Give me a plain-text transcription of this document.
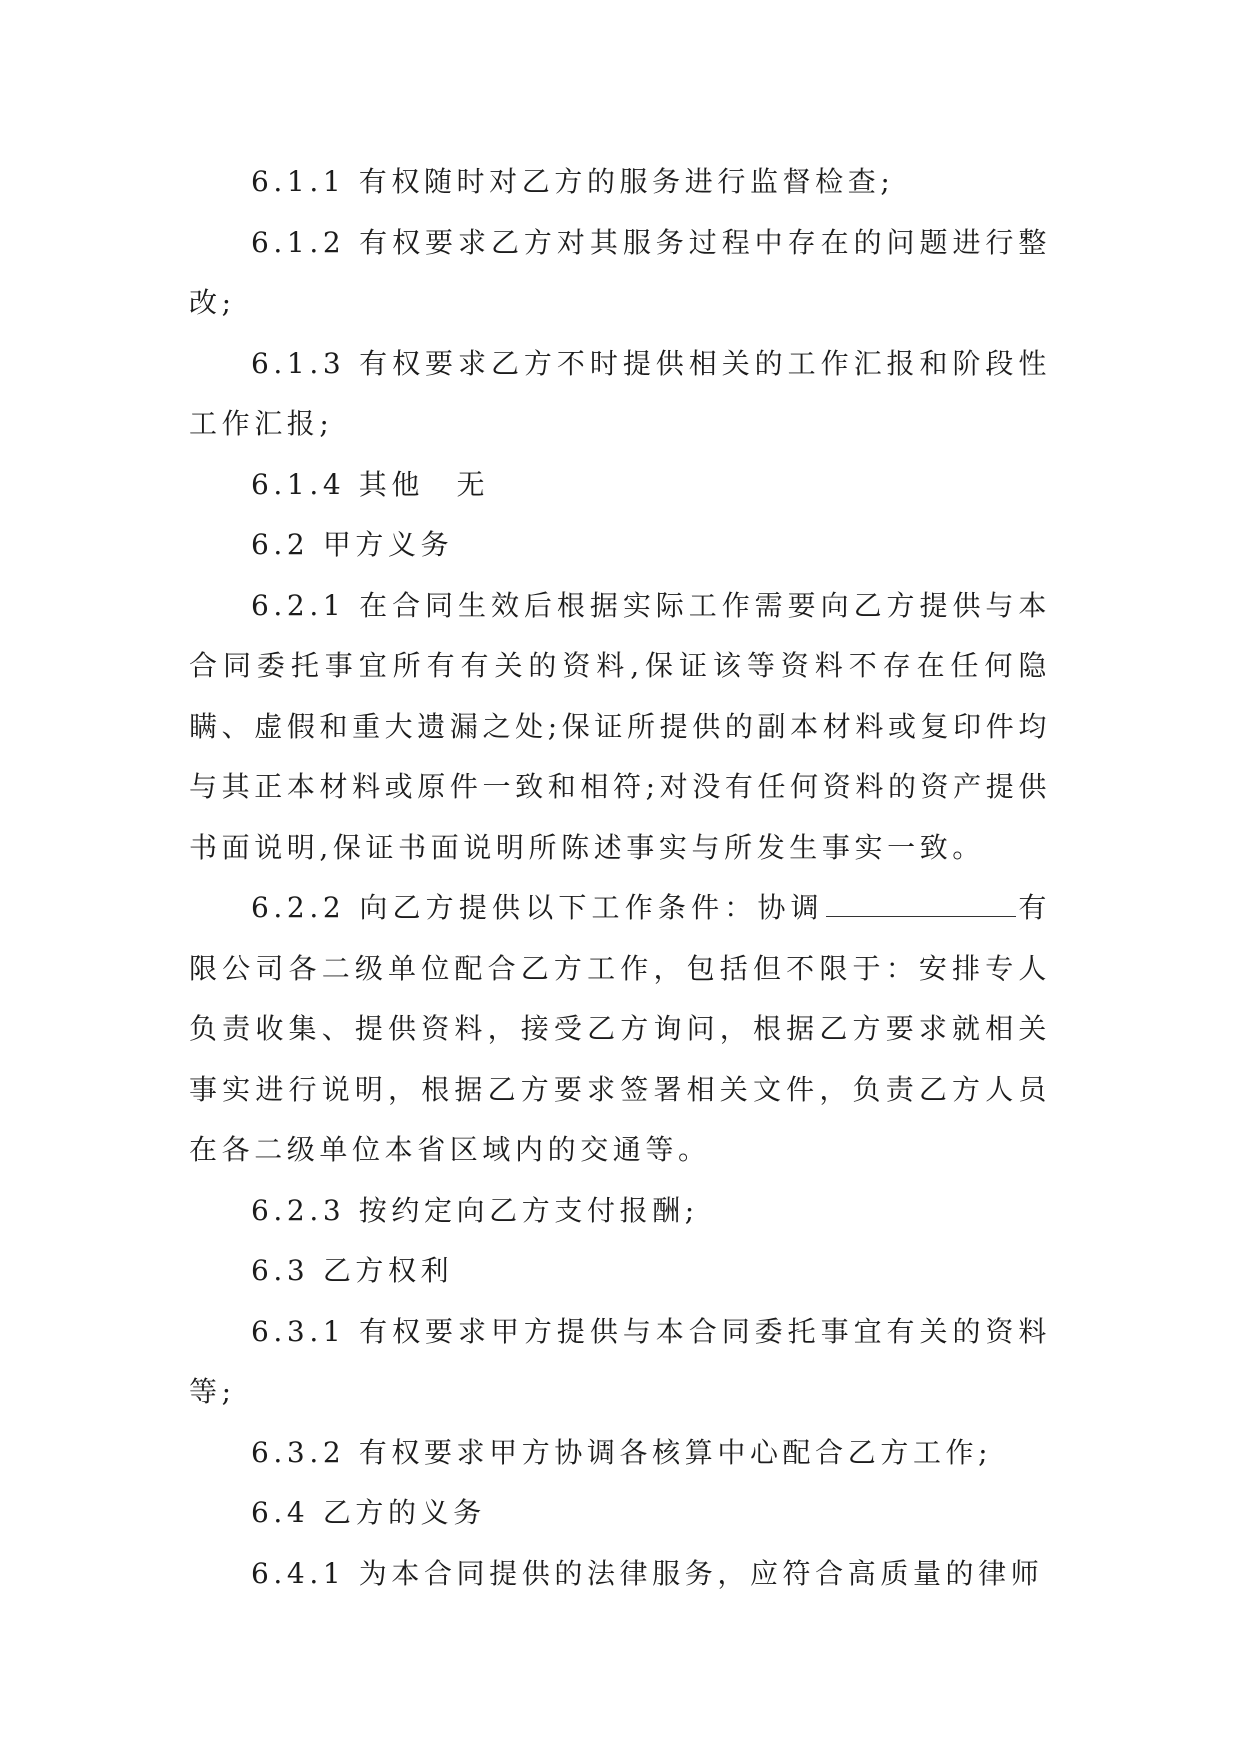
6.1.1 有权随时对乙方的服务进行监督检查;

6.1.2 有权要求乙方对其服务过程中存在的问题进行整改;

6.1.3 有权要求乙方不时提供相关的工作汇报和阶段性工作汇报;

6.1.4 其他　无

6.2 甲方义务

6.2.1 在合同生效后根据实际工作需要向乙方提供与本合同委托事宜所有有关的资料,保证该等资料不存在任何隐瞒、虚假和重大遗漏之处;保证所提供的副本材料或复印件均与其正本材料或原件一致和相符;对没有任何资料的资产提供书面说明,保证书面说明所陈述事实与所发生事实一致。

6.2.2 向乙方提供以下工作条件：协调	有限公司各二级单位配合乙方工作，包括但不限于：安排专人负责收集、提供资料，接受乙方询问，根据乙方要求就相关事实进行说明，根据乙方要求签署相关文件，负责乙方人员在各二级单位本省区域内的交通等。

6.2.3 按约定向乙方支付报酬;

6.3 乙方权利

6.3.1 有权要求甲方提供与本合同委托事宜有关的资料等;

6.3.2 有权要求甲方协调各核算中心配合乙方工作;

6.4 乙方的义务

6.4.1 为本合同提供的法律服务，应符合高质量的律师
